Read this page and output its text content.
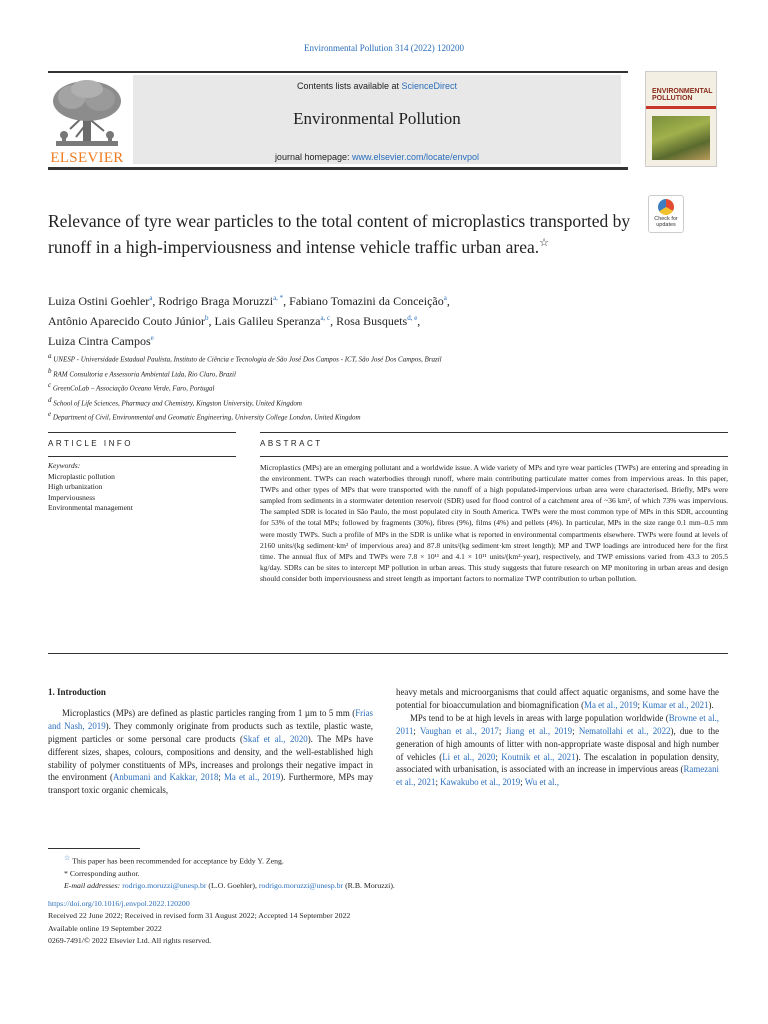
Environmental Pollution 314 (2022) 120200
ELSEVIER
Contents lists available at ScienceDirect
Environmental Pollution
journal homepage: www.elsevier.com/locate/envpol
ENVIRONMENTAL POLLUTION
Relevance of tyre wear particles to the total content of microplastics transported by runoff in a high-imperviousness and intense vehicle traffic urban area.☆
Check for updates
Luiza Ostini Goehler$^a$, Rodrigo Braga Moruzzi$^{a, *}$, Fabiano Tomazini da Conceição$^a$,
Antônio Aparecido Couto Júnior$^b$, Lais Galileu Speranza$^{a, c}$, Rosa Busquets$^{d, e}$,
Luiza Cintra Campos$^e$
$^a$ UNESP - Universidade Estadual Paulista, Instituto de Ciência e Tecnologia de São José Dos Campos - ICT, São José Dos Campos, Brazil
$^b$ RAM Consultoria e Assessoria Ambiental Ltda, Rio Claro, Brazil
$^c$ GreenCoLab – Associação Oceano Verde, Faro, Portugal
$^d$ School of Life Sciences, Pharmacy and Chemistry, Kingston University, United Kingdom
$^e$ Department of Civil, Environmental and Geomatic Engineering, University College London, United Kingdom
ARTICLE INFO	ABSTRACT
Keywords:
Microplastic pollution
High urbanization
Imperviousness
Environmental management
Microplastics (MPs) are an emerging pollutant and a worldwide issue. A wide variety of MPs and tyre wear particles (TWPs) are entering and spreading in the environment. TWPs can reach waterbodies through runoff, where main contributing particulate matter comes from impervious areas. In this paper, TWPs and other types of MPs that were transported with the runoff of a high populated-impervious urban area were characterised. Briefly, MPs were sampled from sediments in a stormwater detention reservoir (SDR) used for flood control of a catchment area of ~36 km², of which 73% was impervious. The sampled SDR is located in São Paulo, the most populated city in South America. TWPs were the most common type of MPs in this SDR, accounting for 53% of the total MPs; followed by fragments (30%), fibres (9%), films (4%) and pellets (4%). In particular, MPs in the size range 0.1 mm–0.5 mm were mostly TWPs. Such a profile of MPs in the SDR is unlike what is reported in environmental compartments elsewhere. TWPs were found at levels of 2160 units/(kg sediment·km² of impervious area) and 87.8 units/(kg sediment·km street length); MP and TWP loadings are introduced here for the first time. The annual flux of MPs and TWPs were 7.8 × 10¹¹ and 4.1 × 10¹¹ units/(km²·year), respectively, and TWP emissions varied from 43.3 to 205.5 kg/day. SDRs can be sites to intercept MP pollution in urban areas. This study suggests that future research on MP monitoring in urban areas and design should consider both imperviousness and street length as important factors to normalize TWP contribution to urban pollution.
1. Introduction

Microplastics (MPs) are defined as plastic particles ranging from 1 µm to 5 mm (Frias and Nash, 2019). They commonly originate from products such as textile, plastic waste, pigment particles or some personal care products (Skaf et al., 2020). The MPs have different sizes, shapes, colours, compositions and density, and the well-established high stability of polymer constituents of MPs, increases and prolongs their negative impact in the environment (Anbumani and Kakkar, 2018; Ma et al., 2019). Furthermore, MPs may transport toxic organic chemicals,

heavy metals and microorganisms that could affect aquatic organisms, and some have the potential for bioaccumulation and biomagnification (Ma et al., 2019; Kumar et al., 2021).

MPs tend to be at high levels in areas with large population worldwide (Browne et al., 2011; Vaughan et al., 2017; Jiang et al., 2019; Nematollahi et al., 2022), due to the generation of high amounts of litter with non-appropriate waste disposal and high number of vehicles (Li et al., 2020; Koutnik et al., 2021). The escalation in population density, associated with urbanisation, is associated with an increase in impervious areas (Ramezani et al., 2021; Kawakubo et al., 2019; Wu et al.,

☆ This paper has been recommended for acceptance by Eddy Y. Zeng.
* Corresponding author.
E-mail addresses: rodrigo.moruzzi@unesp.br (L.O. Goehler), rodrigo.moruzzi@unesp.br (R.B. Moruzzi).
https://doi.org/10.1016/j.envpol.2022.120200
Received 22 June 2022; Received in revised form 31 August 2022; Accepted 14 September 2022
Available online 19 September 2022
0269-7491/© 2022 Elsevier Ltd. All rights reserved.
